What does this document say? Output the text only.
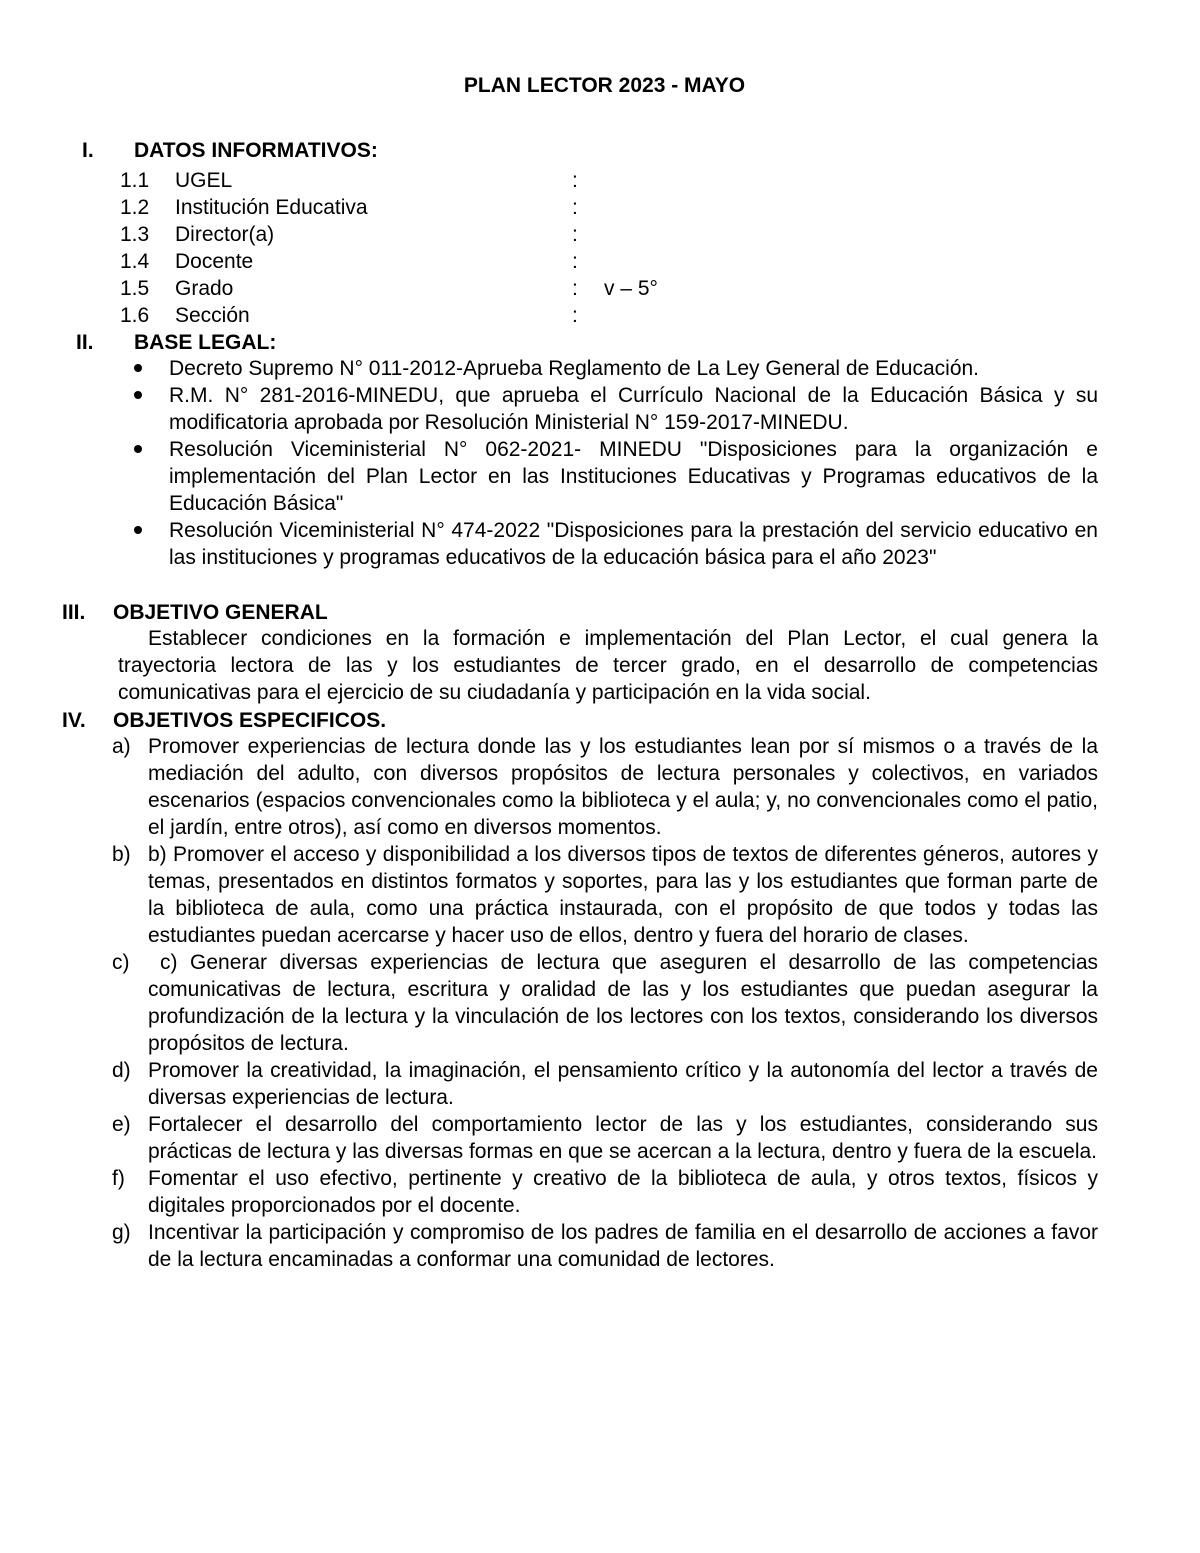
PLAN LECTOR 2023 - MAYO
I. DATOS INFORMATIVOS:
1.1 UGEL	:
1.2 Institución Educativa	:
1.3 Director(a)	:
1.4 Docente	:
1.5 Grado	: v – 5°
1.6 Sección	:
II. BASE LEGAL:
Decreto Supremo N° 011-2012-Aprueba Reglamento de La Ley General de Educación.
R.M. N° 281-2016-MINEDU, que aprueba el Currículo Nacional de la Educación Básica y su modificatoria aprobada por Resolución Ministerial N° 159-2017-MINEDU.
Resolución Viceministerial N° 062-2021- MINEDU "Disposiciones para la organización e implementación del Plan Lector en las Instituciones Educativas y Programas educativos de la Educación Básica"
Resolución Viceministerial N° 474-2022 "Disposiciones para la prestación del servicio educativo en las instituciones y programas educativos de la educación básica para el año 2023"
III. OBJETIVO GENERAL
Establecer condiciones en la formación e implementación del Plan Lector, el cual genera la trayectoria lectora de las y los estudiantes de tercer grado, en el desarrollo de competencias comunicativas para el ejercicio de su ciudadanía y participación en la vida social.
IV. OBJETIVOS ESPECIFICOS.
a) Promover experiencias de lectura donde las y los estudiantes lean por sí mismos o a través de la mediación del adulto, con diversos propósitos de lectura personales y colectivos, en variados escenarios (espacios convencionales como la biblioteca y el aula; y, no convencionales como el patio, el jardín, entre otros), así como en diversos momentos.
b) b) Promover el acceso y disponibilidad a los diversos tipos de textos de diferentes géneros, autores y temas, presentados en distintos formatos y soportes, para las y los estudiantes que forman parte de la biblioteca de aula, como una práctica instaurada, con el propósito de que todos y todas las estudiantes puedan acercarse y hacer uso de ellos, dentro y fuera del horario de clases.
c) c) Generar diversas experiencias de lectura que aseguren el desarrollo de las competencias comunicativas de lectura, escritura y oralidad de las y los estudiantes que puedan asegurar la profundización de la lectura y la vinculación de los lectores con los textos, considerando los diversos propósitos de lectura.
d) Promover la creatividad, la imaginación, el pensamiento crítico y la autonomía del lector a través de diversas experiencias de lectura.
e) Fortalecer el desarrollo del comportamiento lector de las y los estudiantes, considerando sus prácticas de lectura y las diversas formas en que se acercan a la lectura, dentro y fuera de la escuela.
f) Fomentar el uso efectivo, pertinente y creativo de la biblioteca de aula, y otros textos, físicos y digitales proporcionados por el docente.
g) Incentivar la participación y compromiso de los padres de familia en el desarrollo de acciones a favor de la lectura encaminadas a conformar una comunidad de lectores.
